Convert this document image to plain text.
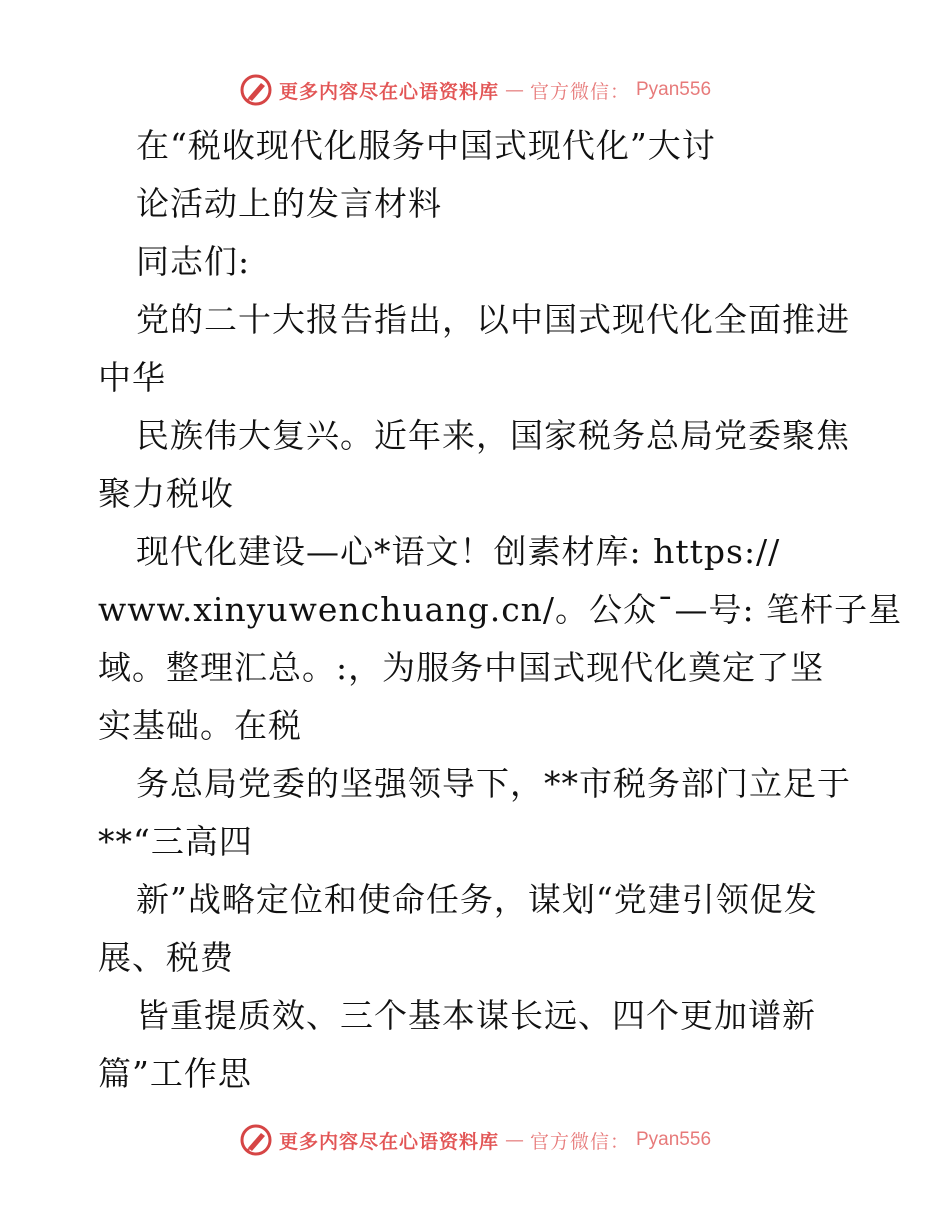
更多内容尽在心语资料库 — 官方微信： Pyan556
在“税收现代化服务中国式现代化”大讨
论活动上的发言材料
同志们:
党的二十大报告指出，以中国式现代化全面推进
中华
民族伟大复兴。近年来，国家税务总局党委聚焦
聚力税收
现代化建设—心*语文！创素材库: https://
www.xinyuwenchuang.cn/。公众¯—号: 笔杆子星
域。整理汇总。:，为服务中国式现代化奠定了坚
实基础。在税
务总局党委的坚强领导下，**市税务部门立足于
**“三高四
新”战略定位和使命任务，谋划“党建引领促发
展、税费
皆重提质效、三个基本谋长远、四个更加谱新
篇”工作思
更多内容尽在心语资料库 — 官方微信： Pyan556
